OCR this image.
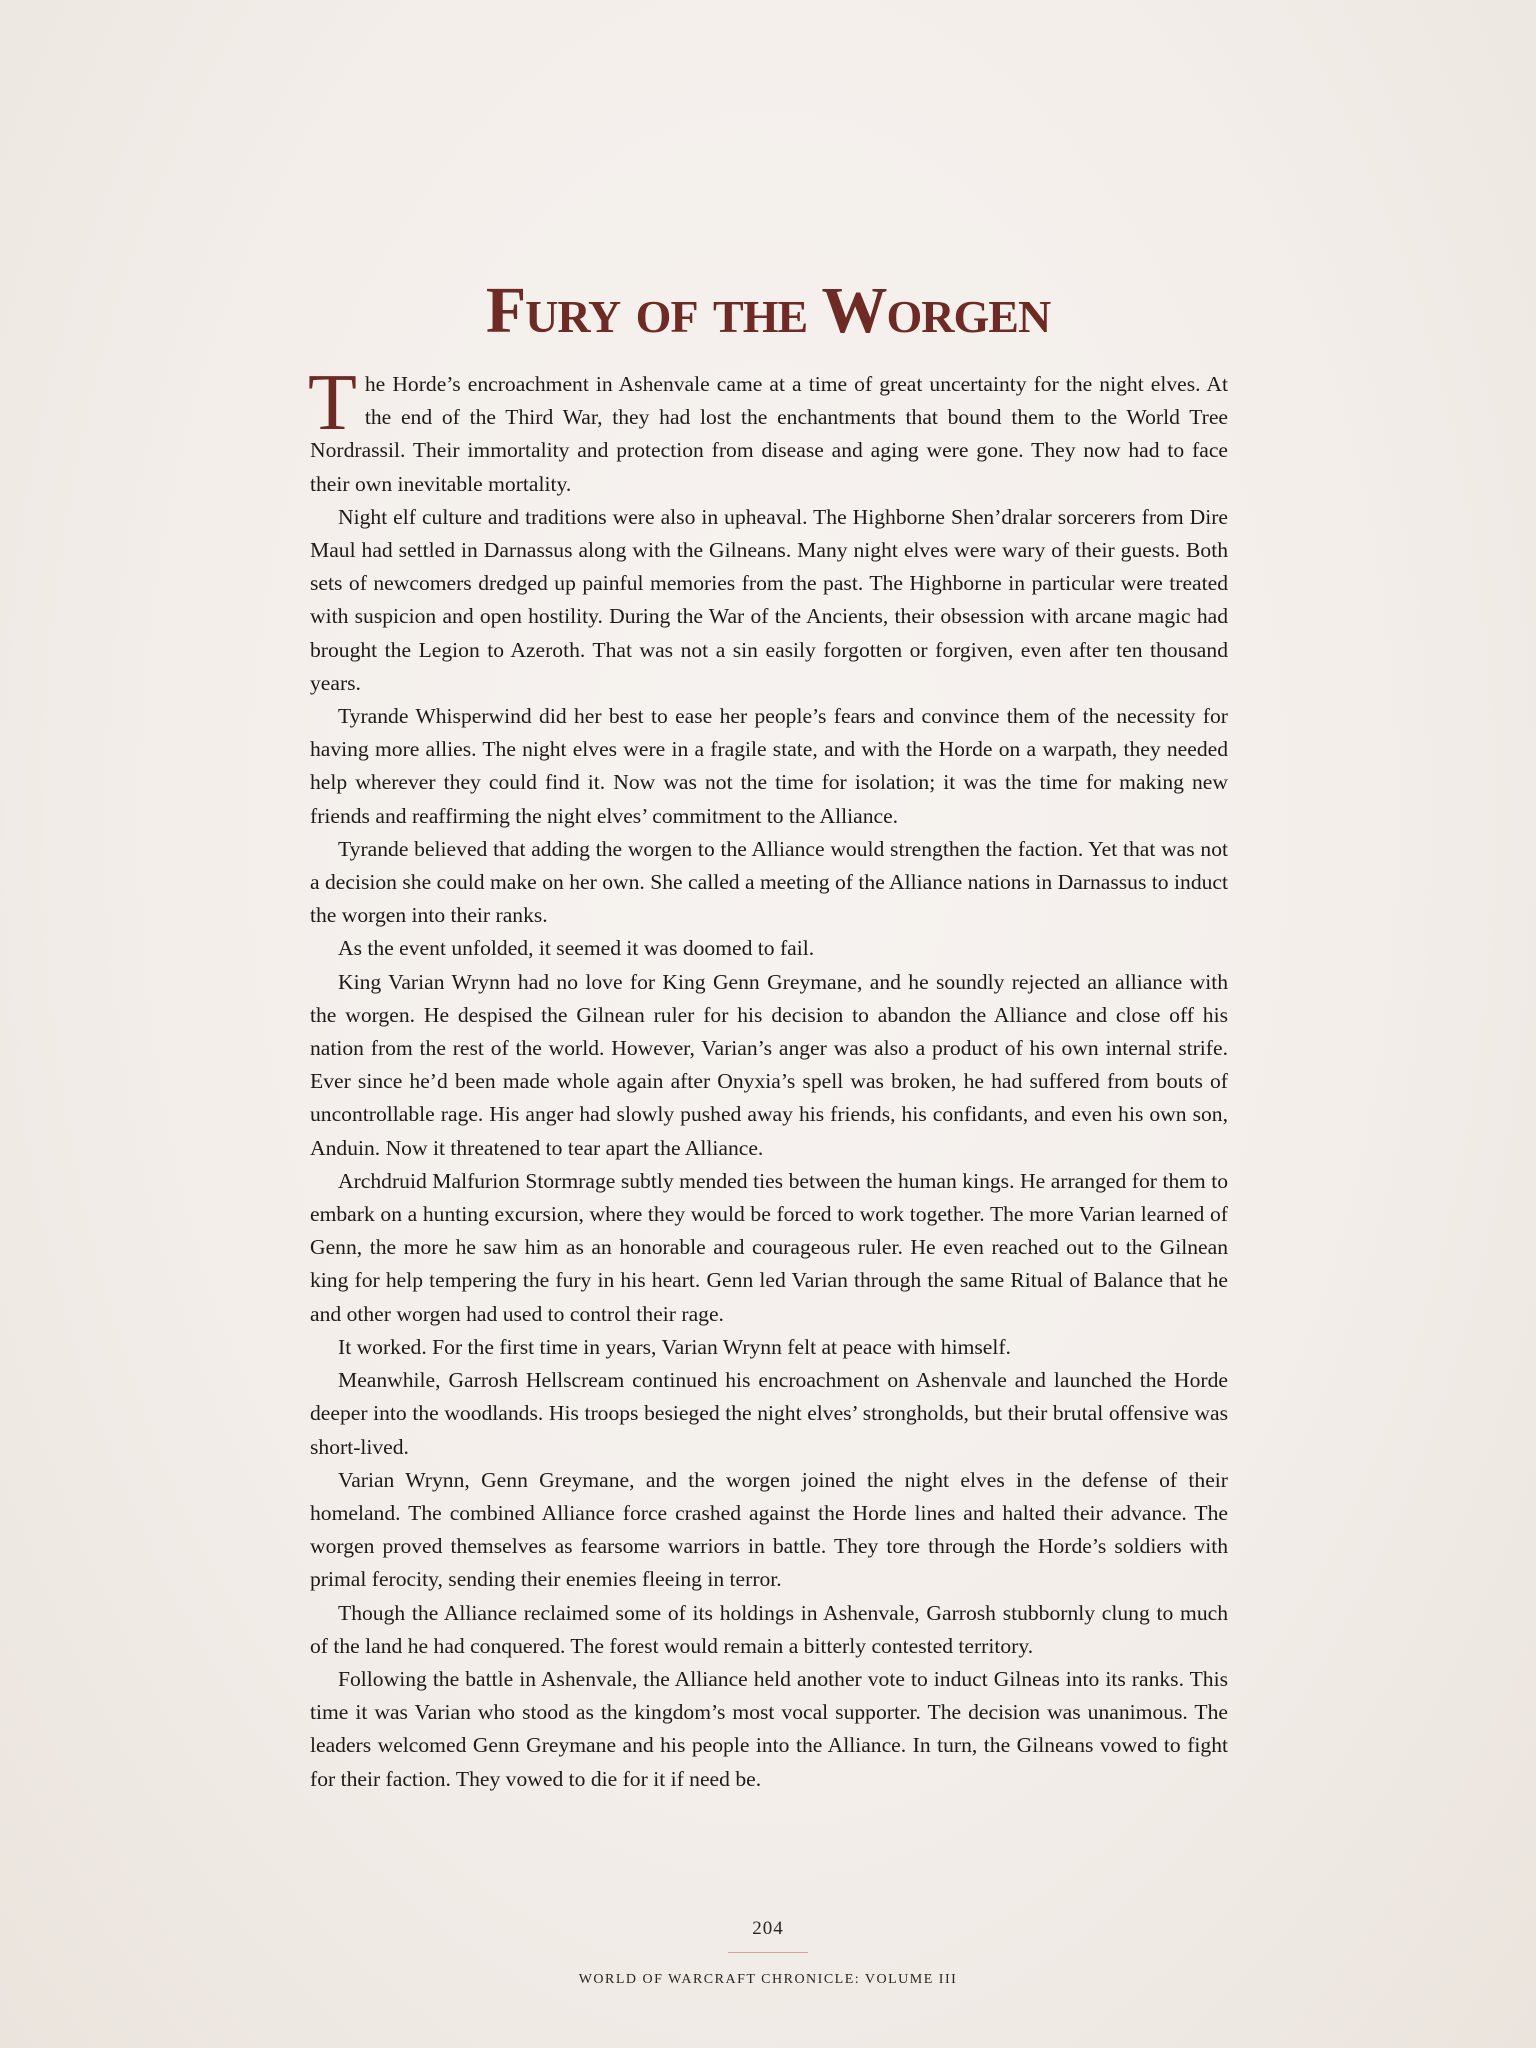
Fury of the Worgen

The Horde’s encroachment in Ashenvale came at a time of great uncertainty for the night elves. At the end of the Third War, they had lost the enchantments that bound them to the World Tree Nordrassil. Their immortality and protection from disease and aging were gone. They now had to face their own inevitable mortality.

Night elf culture and traditions were also in upheaval. The Highborne Shen’dralar sorcerers from Dire Maul had settled in Darnassus along with the Gilneans. Many night elves were wary of their guests. Both sets of newcomers dredged up painful memories from the past. The Highborne in particular were treated with suspicion and open hostility. During the War of the Ancients, their obsession with arcane magic had brought the Legion to Azeroth. That was not a sin easily forgotten or forgiven, even after ten thousand years.

Tyrande Whisperwind did her best to ease her people’s fears and convince them of the necessity for having more allies. The night elves were in a fragile state, and with the Horde on a warpath, they needed help wherever they could find it. Now was not the time for isolation; it was the time for making new friends and reaffirming the night elves’ commitment to the Alliance.

Tyrande believed that adding the worgen to the Alliance would strengthen the faction. Yet that was not a decision she could make on her own. She called a meeting of the Alliance nations in Darnassus to induct the worgen into their ranks.

As the event unfolded, it seemed it was doomed to fail.

King Varian Wrynn had no love for King Genn Greymane, and he soundly rejected an alliance with the worgen. He despised the Gilnean ruler for his decision to abandon the Alliance and close off his nation from the rest of the world. However, Varian’s anger was also a product of his own internal strife. Ever since he’d been made whole again after Onyxia’s spell was broken, he had suffered from bouts of uncontrollable rage. His anger had slowly pushed away his friends, his confidants, and even his own son, Anduin. Now it threatened to tear apart the Alliance.

Archdruid Malfurion Stormrage subtly mended ties between the human kings. He arranged for them to embark on a hunting excursion, where they would be forced to work together. The more Varian learned of Genn, the more he saw him as an honorable and courageous ruler. He even reached out to the Gilnean king for help tempering the fury in his heart. Genn led Varian through the same Ritual of Balance that he and other worgen had used to control their rage.

It worked. For the first time in years, Varian Wrynn felt at peace with himself.

Meanwhile, Garrosh Hellscream continued his encroachment on Ashenvale and launched the Horde deeper into the woodlands. His troops besieged the night elves’ strongholds, but their brutal offensive was short-lived.

Varian Wrynn, Genn Greymane, and the worgen joined the night elves in the defense of their homeland. The combined Alliance force crashed against the Horde lines and halted their advance. The worgen proved themselves as fearsome warriors in battle. They tore through the Horde’s soldiers with primal ferocity, sending their enemies fleeing in terror.

Though the Alliance reclaimed some of its holdings in Ashenvale, Garrosh stubbornly clung to much of the land he had conquered. The forest would remain a bitterly contested territory.

Following the battle in Ashenvale, the Alliance held another vote to induct Gilneas into its ranks. This time it was Varian who stood as the kingdom’s most vocal supporter. The decision was unanimous. The leaders welcomed Genn Greymane and his people into the Alliance. In turn, the Gilneans vowed to fight for their faction. They vowed to die for it if need be.

204
WORLD OF WARCRAFT CHRONICLE: VOLUME III
